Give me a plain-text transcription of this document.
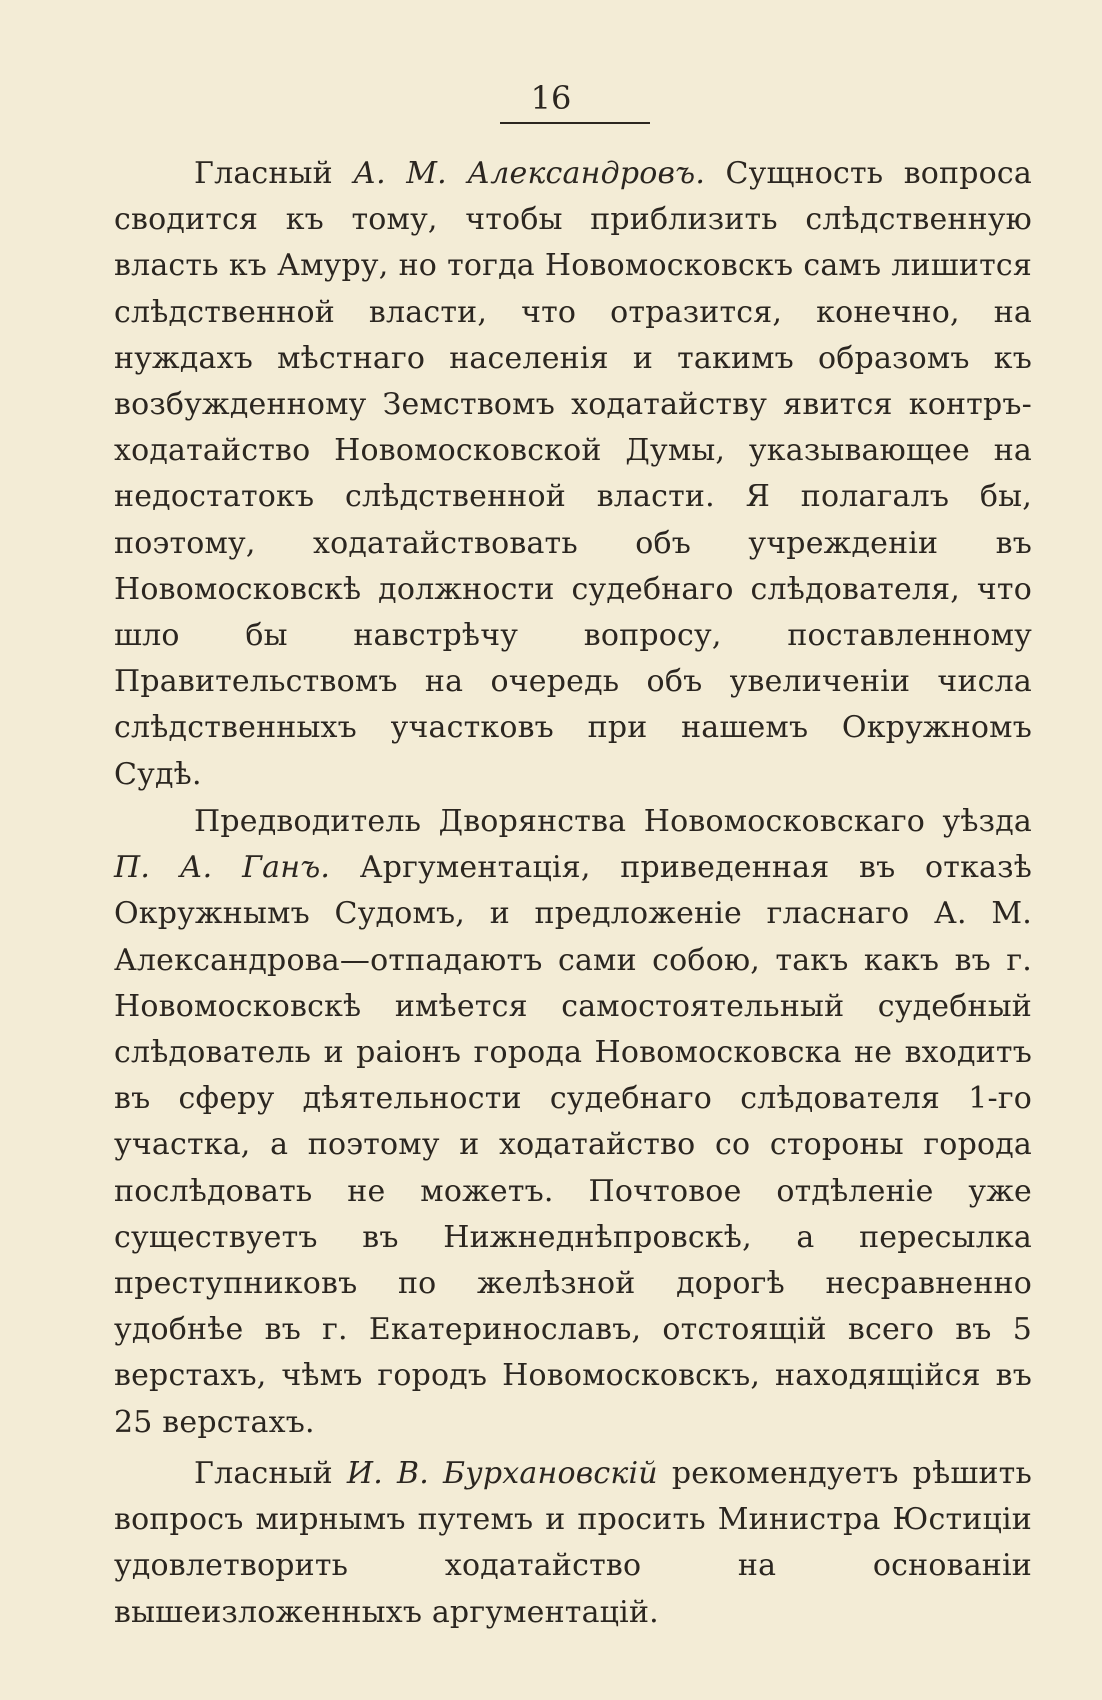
16

Гласный А. М. Александровъ. Сущность вопроса сводится къ тому, чтобы приблизить слѣдственную власть къ Амуру, но тогда Новомосковскъ самъ лишится слѣдственной власти, что отразится, конечно, на нуждахъ мѣстнаго населенія и такимъ образомъ къ возбужденному Земствомъ ходатайству явится контръ-ходатайство Новомосковской Думы, указывающее на недостатокъ слѣдственной власти. Я полагалъ бы, поэтому, ходатайствовать объ учрежденіи въ Новомосковскѣ должности судебнаго слѣдователя, что шло бы навстрѣчу вопросу, поставленному Правительствомъ на очередь объ увеличеніи числа слѣдственныхъ участковъ при нашемъ Окружномъ Судѣ.

Предводитель Дворянства Новомосковскаго уѣзда П. А. Ганъ. Аргументація, приведенная въ отказѣ Окружнымъ Судомъ, и предложеніе гласнаго А. М. Александрова—отпадаютъ сами собою, такъ какъ въ г. Новомосковскѣ имѣется самостоятельный судебный слѣдователь и раіонъ города Новомосковска не входитъ въ сферу дѣятельности судебнаго слѣдователя 1-го участка, а поэтому и ходатайство со стороны города послѣдовать не можетъ. Почтовое отдѣленіе уже существуетъ въ Нижнеднѣпровскѣ, а пересылка преступниковъ по желѣзной дорогѣ несравненно удобнѣе въ г. Екатеринославъ, отстоящій всего въ 5 верстахъ, чѣмъ городъ Новомосковскъ, находящійся въ 25 верстахъ.

Гласный И. В. Бурхановскій рекомендуетъ рѣшить вопросъ мирнымъ путемъ и просить Министра Юстиціи удовлетворить ходатайство на основаніи вышеизложенныхъ аргументацій.
